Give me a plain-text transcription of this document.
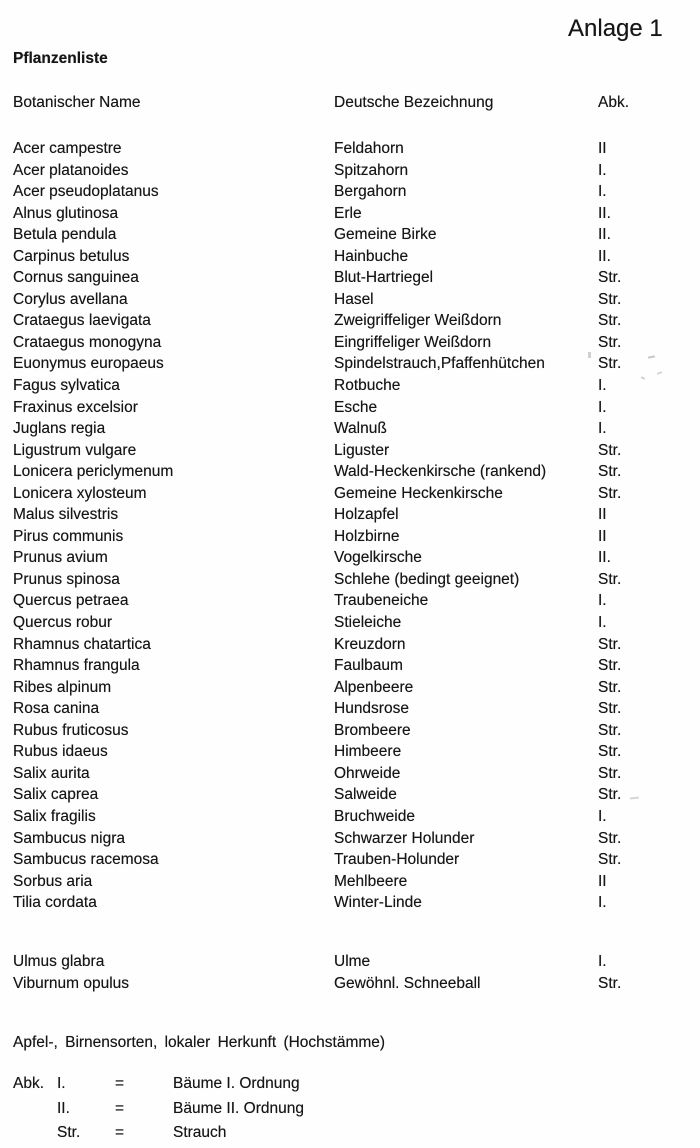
Anlage 1
Pflanzenliste
Botanischer Name	Deutsche Bezeichnung	Abk.
Acer campestre	Feldahorn	II
Acer platanoides	Spitzahorn	I.
Acer pseudoplatanus	Bergahorn	I.
Alnus glutinosa	Erle	II.
Betula pendula	Gemeine Birke	II.
Carpinus betulus	Hainbuche	II.
Cornus sanguinea	Blut-Hartriegel	Str.
Corylus avellana	Hasel	Str.
Crataegus laevigata	Zweigriffeliger Weißdorn	Str.
Crataegus monogyna	Eingriffeliger Weißdorn	Str.
Euonymus europaeus	Spindelstrauch,Pfaffenhütchen	Str.
Fagus sylvatica	Rotbuche	I.
Fraxinus excelsior	Esche	I.
Juglans regia	Walnuß	I.
Ligustrum vulgare	Liguster	Str.
Lonicera periclymenum	Wald-Heckenkirsche (rankend)	Str.
Lonicera xylosteum	Gemeine Heckenkirsche	Str.
Malus silvestris	Holzapfel	II
Pirus communis	Holzbirne	II
Prunus avium	Vogelkirsche	II.
Prunus spinosa	Schlehe (bedingt geeignet)	Str.
Quercus petraea	Traubeneiche	I.
Quercus robur	Stieleiche	I.
Rhamnus chatartica	Kreuzdorn	Str.
Rhamnus frangula	Faulbaum	Str.
Ribes alpinum	Alpenbeere	Str.
Rosa canina	Hundsrose	Str.
Rubus fruticosus	Brombeere	Str.
Rubus idaeus	Himbeere	Str.
Salix aurita	Ohrweide	Str.
Salix caprea	Salweide	Str.
Salix fragilis	Bruchweide	I.
Sambucus nigra	Schwarzer Holunder	Str.
Sambucus racemosa	Trauben-Holunder	Str.
Sorbus aria	Mehlbeere	II
Tilia cordata	Winter-Linde	I.
Ulmus glabra	Ulme	I.
Viburnum opulus	Gewöhnl. Schneeball	Str.
Apfel-, Birnensorten, lokaler Herkunft (Hochstämme)
Abk. I.	=	Bäume I. Ordnung
II.	=	Bäume II. Ordnung
Str.	=	Strauch
